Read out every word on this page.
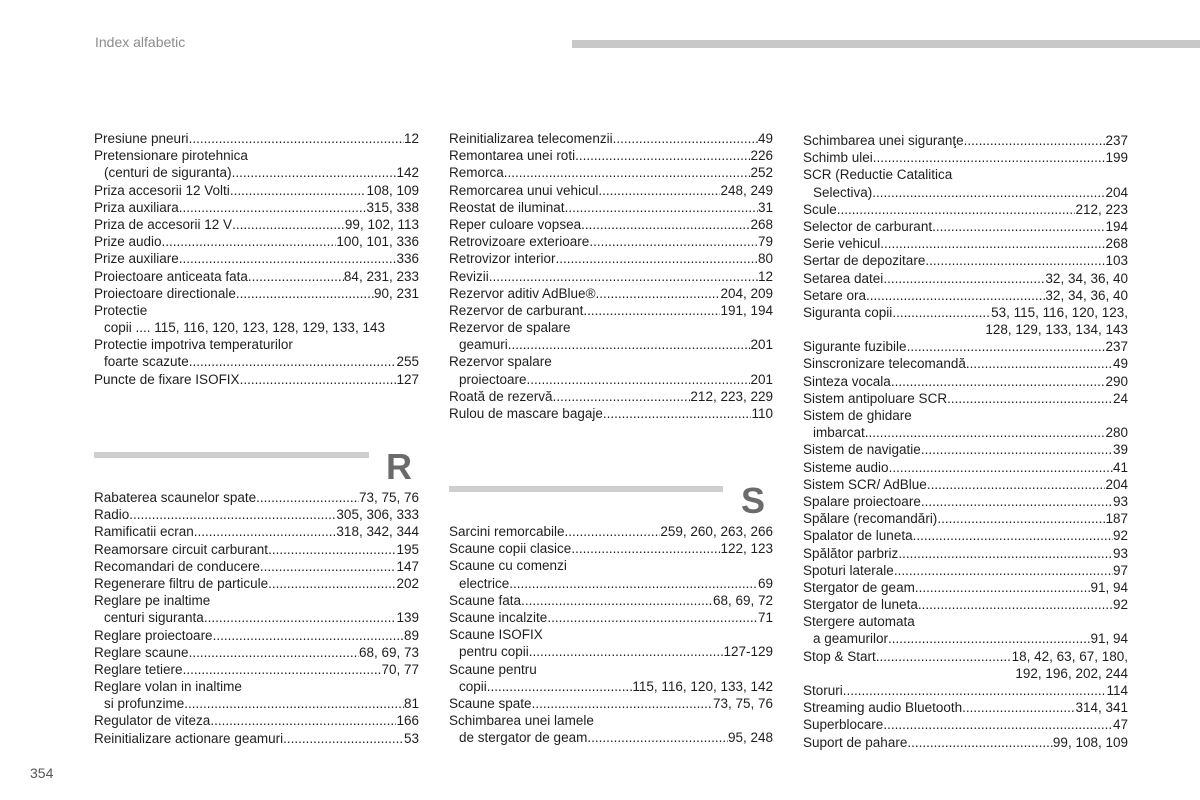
Index alfabetic
Presiune pneuri .....	12
Pretensionare pirotehnica
(centuri de siguranta) .....	142
Priza accesorii 12 Volti .....	108, 109
Priza auxiliara .....	315, 338
Priza de accesorii 12 V .....	99, 102, 113
Prize audio .....	100, 101, 336
Prize auxiliare .....	336
Proiectoare anticeata fata .....	84, 231, 233
Proiectoare directionale .....	90, 231
Protectie
copii .... 115, 116, 120, 123, 128, 129, 133, 143
Protectie impotriva temperaturilor
foarte scazute .....	255
Puncte de fixare ISOFIX .....	127
R
Rabaterea scaunelor spate .....	73, 75, 76
Radio .....	305, 306, 333
Ramificatii ecran .....	318, 342, 344
Reamorsare circuit carburant .....	195
Recomandari de conducere .....	147
Regenerare filtru de particule .....	202
Reglare pe inaltime
centuri siguranta .....	139
Reglare proiectoare .....	89
Reglare scaune .....	68, 69, 73
Reglare tetiere .....	70, 77
Reglare volan in inaltime
si profunzime .....	81
Regulator de viteza .....	166
Reinitializare actionare geamuri .....	53
Reinitializarea telecomenzii .....	49
Remontarea unei roti .....	226
Remorca .....	252
Remorcarea unui vehicul .....	248, 249
Reostat de iluminat .....	31
Reper culoare vopsea .....	268
Retrovizoare exterioare .....	79
Retrovizor interior .....	80
Revizii .....	12
Rezervor aditiv AdBlue® .....	204, 209
Rezervor de carburant .....	191, 194
Rezervor de spalare
geamuri .....	201
Rezervor spalare
proiectoare .....	201
Roată de rezervă .....	212, 223, 229
Rulou de mascare bagaje .....	110
S
Sarcini remorcabile .....	259, 260, 263, 266
Scaune copii clasice .....	122, 123
Scaune cu comenzi
electrice .....	69
Scaune fata .....	68, 69, 72
Scaune incalzite .....	71
Scaune ISOFIX
pentru copii .....	127-129
Scaune pentru
copii .....	115, 116, 120, 133, 142
Scaune spate .....	73, 75, 76
Schimbarea unei lamele
de stergator de geam .....	95, 248
Schimbarea unei siguranţe .....	237
Schimb ulei .....	199
SCR (Reductie Catalitica
Selectiva) .....	204
Scule .....	212, 223
Selector de carburant .....	194
Serie vehicul .....	268
Sertar de depozitare .....	103
Setarea datei .....	32, 34, 36, 40
Setare ora .....	32, 34, 36, 40
Siguranta copii .....	53, 115, 116, 120, 123,
128, 129, 133, 134, 143
Sigurante fuzibile .....	237
Sinscronizare telecomandă .....	49
Sinteza vocala .....	290
Sistem antipoluare SCR .....	24
Sistem de ghidare
imbarcat .....	280
Sistem de navigatie .....	39
Sisteme audio .....	41
Sistem SCR/ AdBlue .....	204
Spalare proiectoare .....	93
Spălare (recomandări) .....	187
Spalator de luneta .....	92
Spălător parbriz .....	93
Spoturi laterale .....	97
Stergator de geam .....	91, 94
Stergator de luneta .....	92
Stergere automata
a geamurilor .....	91, 94
Stop & Start .....	18, 42, 63, 67, 180,
192, 196, 202, 244
Storuri .....	114
Streaming audio Bluetooth .....	314, 341
Superblocare .....	47
Suport de pahare .....	99, 108, 109
354
